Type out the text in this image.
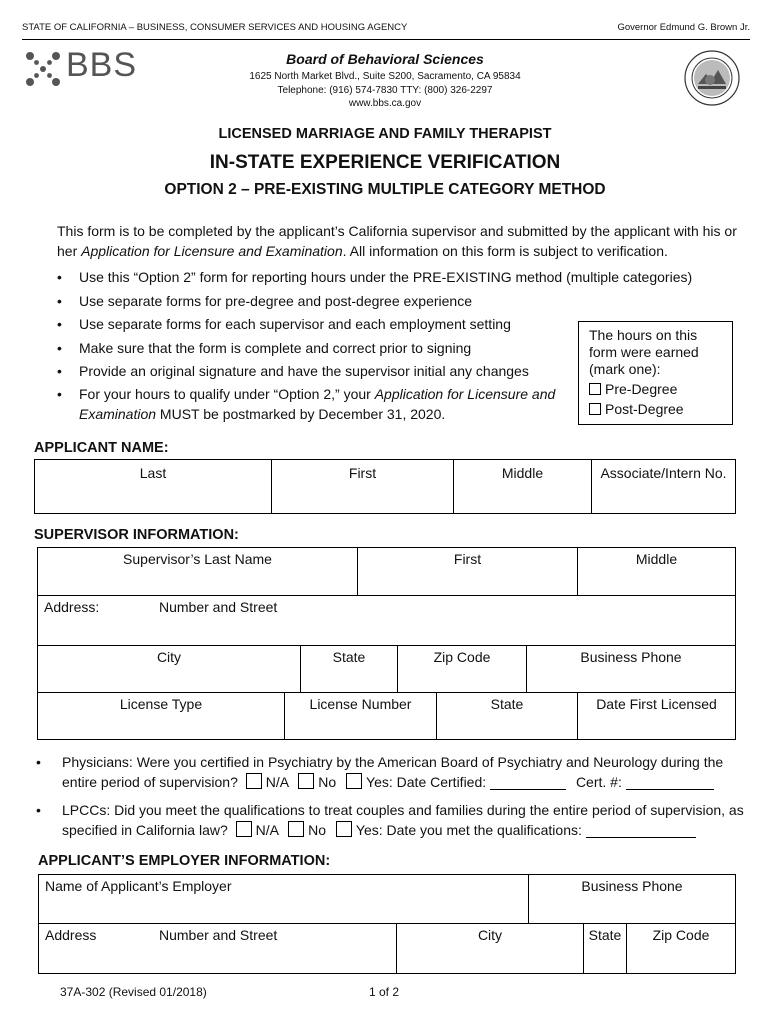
STATE OF CALIFORNIA – BUSINESS, CONSUMER SERVICES AND HOUSING AGENCY	Governor Edmund G. Brown Jr.
BBS	Board of Behavioral Sciences
1625 North Market Blvd., Suite S200, Sacramento, CA 95834
Telephone: (916) 574-7830 TTY: (800) 326-2297
www.bbs.ca.gov
LICENSED MARRIAGE AND FAMILY THERAPIST
IN-STATE EXPERIENCE VERIFICATION
OPTION 2 – PRE-EXISTING MULTIPLE CATEGORY METHOD
This form is to be completed by the applicant’s California supervisor and submitted by the applicant with his or her Application for Licensure and Examination. All information on this form is subject to verification.
• Use this “Option 2” form for reporting hours under the PRE-EXISTING method (multiple categories)
• Use separate forms for pre-degree and post-degree experience
• Use separate forms for each supervisor and each employment setting
• Make sure that the form is complete and correct prior to signing
• Provide an original signature and have the supervisor initial any changes
• For your hours to qualify under “Option 2,” your Application for Licensure and Examination MUST be postmarked by December 31, 2020.
The hours on this
form were earned
(mark one):
Pre-Degree
Post-Degree
APPLICANT NAME:
Last	First	Middle	Associate/Intern No.
SUPERVISOR INFORMATION:
Supervisor’s Last Name	First	Middle
Address:	Number and Street
City	State	Zip Code	Business Phone
License Type	License Number	State	Date First Licensed
•	Physicians: Were you certified in Psychiatry by the American Board of Psychiatry and Neurology during the
entire period of supervision? N/A No Yes: Date Certified:	Cert. #:
•	LPCCs: Did you meet the qualifications to treat couples and families during the entire period of supervision, as
specified in California law? N/A No Yes: Date you met the qualifications:
APPLICANT’S EMPLOYER INFORMATION:
Name of Applicant’s Employer	Business Phone
Address	Number and Street	City	State	Zip Code
37A-302 (Revised 01/2018)	1 of 2
